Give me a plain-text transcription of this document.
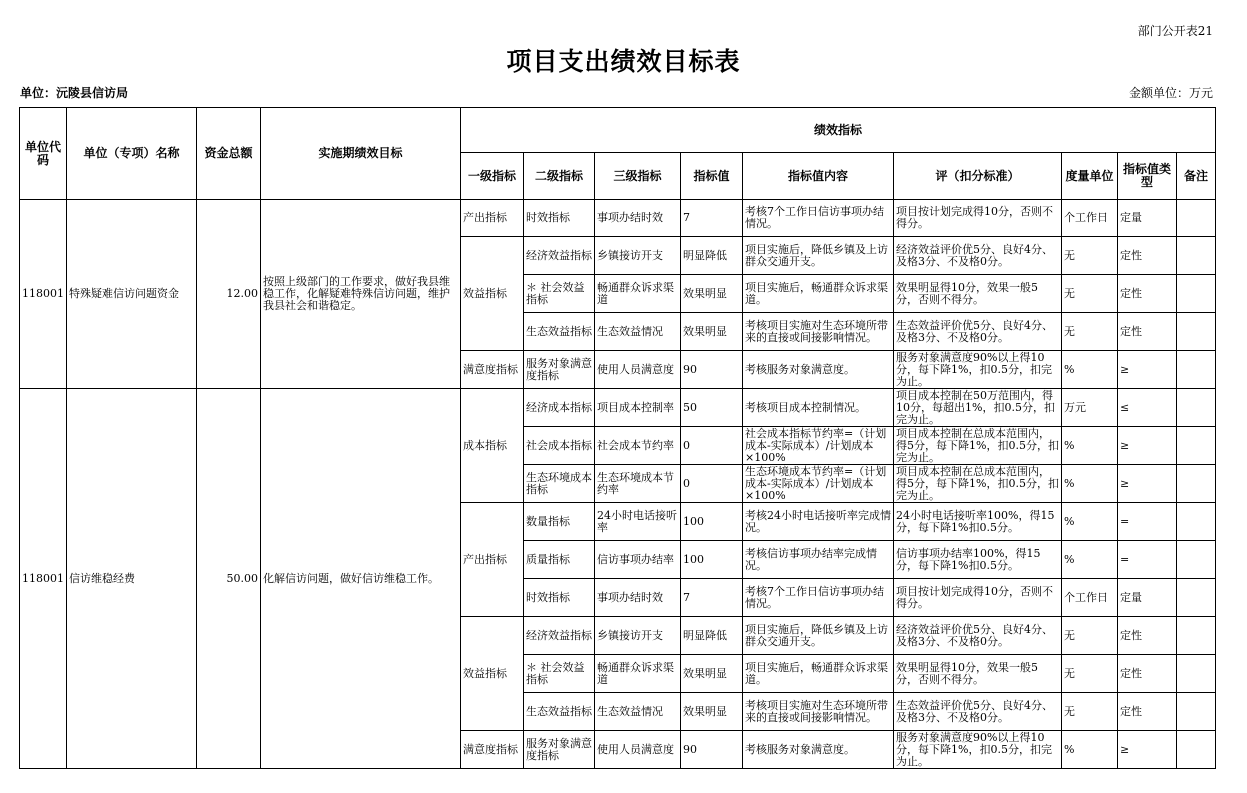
部门公开表21
项目支出绩效目标表
单位：沅陵县信访局	金额单位：万元
单位代码	单位（专项）名称	资金总额	实施期绩效目标	绩效指标								
				一级指标	二级指标	三级指标	指标值	指标值内容	评（扣分标准）	度量单位	指标值类型	备注
118001	特殊疑难信访问题资金	12.00	按照上级部门的工作要求，做好我县维稳工作，化解疑难特殊信访问题，维护我县社会和谐稳定。	产出指标	时效指标	事项办结时效	7	考核7个工作日信访事项办结情况。	项目按计划完成得10分，否则不得分。	个工作日	定量	
				效益指标	经济效益指标	乡镇接访开支	明显降低	项目实施后，降低乡镇及上访群众交通开支。	经济效益评价优5分、良好4分、及格3分、不及格0分。	无	定性	
					＊ 社会效益指标	畅通群众诉求渠道	效果明显	项目实施后，畅通群众诉求渠道。	效果明显得10分，效果一般5分，否则不得分。	无	定性	
					生态效益指标	生态效益情况	效果明显	考核项目实施对生态环境所带来的直接或间接影响情况。	生态效益评价优5分、良好4分、及格3分、不及格0分。	无	定性	
				满意度指标	服务对象满意度指标	使用人员满意度	90	考核服务对象满意度。	服务对象满意度90%以上得10分，每下降1%，扣0.5分，扣完为止。	%	≥	
118001	信访维稳经费	50.00	化解信访问题，做好信访维稳工作。	成本指标	经济成本指标	项目成本控制率	50	考核项目成本控制情况。	项目成本控制在50万范围内，得10分，每超出1%，扣0.5分，扣完为止。	万元	≤	
					社会成本指标	社会成本节约率	0	社会成本指标节约率=（计划成本-实际成本）/计划成本×100%	项目成本控制在总成本范围内，得5分，每下降1%，扣0.5分，扣完为止。	%	≥	
					生态环境成本指标	生态环境成本节约率	0	生态环境成本节约率=（计划成本-实际成本）/计划成本×100%	项目成本控制在总成本范围内，得5分，每下降1%，扣0.5分，扣完为止。	%	≥	
				产出指标	数量指标	24小时电话接听率	100	考核24小时电话接听率完成情况。	24小时电话接听率100%，得15分，每下降1%扣0.5分。	%	=	
					质量指标	信访事项办结率	100	考核信访事项办结率完成情况。	信访事项办结率100%，得15分，每下降1%扣0.5分。	%	=	
					时效指标	事项办结时效	7	考核7个工作日信访事项办结情况。	项目按计划完成得10分，否则不得分。	个工作日	定量	
				效益指标	经济效益指标	乡镇接访开支	明显降低	项目实施后，降低乡镇及上访群众交通开支。	经济效益评价优5分、良好4分、及格3分、不及格0分。	无	定性	
					＊ 社会效益指标	畅通群众诉求渠道	效果明显	项目实施后，畅通群众诉求渠道。	效果明显得10分，效果一般5分，否则不得分。	无	定性	
					生态效益指标	生态效益情况	效果明显	考核项目实施对生态环境所带来的直接或间接影响情况。	生态效益评价优5分、良好4分、及格3分、不及格0分。	无	定性	
				满意度指标	服务对象满意度指标	使用人员满意度	90	考核服务对象满意度。	服务对象满意度90%以上得10分，每下降1%，扣0.5分，扣完为止。	%	≥	
